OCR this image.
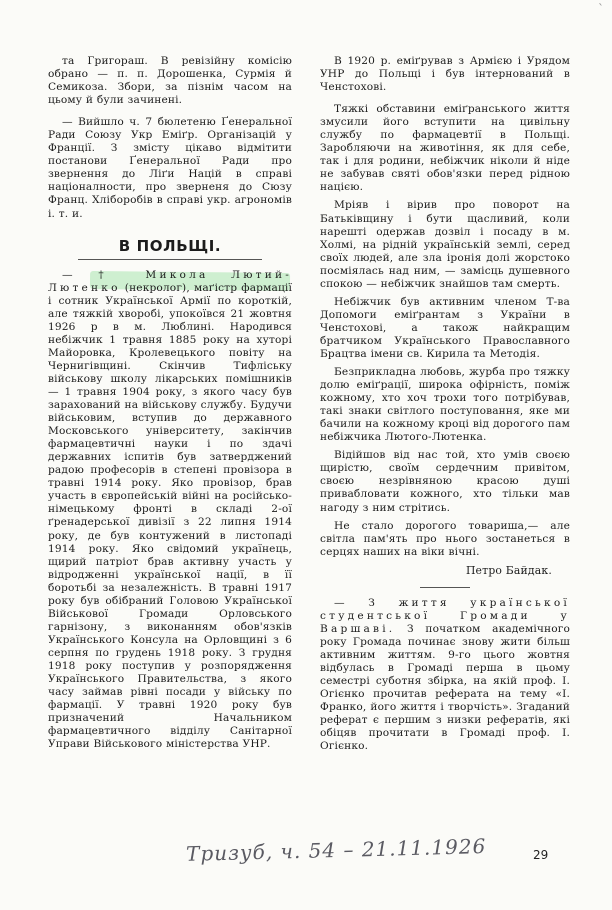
`

та Григораш. В ревізійну комісію обрано — п. п. Дорошенка, Сурмія й Семикоза. Збори, за пізнім часом на цьому й були зачинені.

— Вийшло ч. 7 бюлетеню Ґенеральної Ради Союзу Укр Еміґр. Організацій у Франції. З змісту цікаво відмітити постанови Ґенеральної Ради про звернення до Ліґи Націй в справі націоналности, про зверненя до Сюзу Франц. Хліборобів в справі укр. агрономів і. т. и.

В ПОЛЬЩІ.

— † Микола Лютий-Лютенко (некролог), маґістр фармації і сотник Української Армії по короткій, але тяжкій хворобі, упокоївся 21 жовтня 1926 р в м. Люблині. Народився небіжчик 1 травня 1885 року на хуторі Майоровка, Кролевецького повіту на Чернигівщині. Скінчив Тифліську військову школу лікарських помішників — 1 травня 1904 року, з якого часу був зарахований на військову службу. Будучи військовим, вступив до державного Московського університету, закінчив фармацевтичні науки і по здачі державних іспитів був затверджений радою професорів в степені провізора в травні 1914 року. Яко провізор, брав участь в європейській війні на російсько-німецькому фронті в складі 2-ої ґренадерської дивізії з 22 липня 1914 року, де був контужений в листопаді 1914 року. Яко свідомий українець, щирий патріот брав активну участь у відродженні української нації, в її боротьбі за незалежність. В травні 1917 року був обібраний Головою Української Військової Громади Орловського гарнізону, з виконанням обов'язків Українського Консула на Орловщині з 6 серпня по грудень 1918 року. З грудня 1918 року поступив у розпорядження Українського Правительства, з якого часу займав рівні посади у війську по фармації. У травні 1920 року був призначений Начальником фармацевтичного відділу Санітарної Управи Військового міністерства УНР.

В 1920 р. еміґрував з Армією і Урядом УНР до Польщі і був інтернований в Ченстохові.

Тяжкі обставини еміґранського життя змусили його вступити на цивільну службу по фармацевтії в Польщі. Заробляючи на животіння, як для себе, так і для родини, небіжчик ніколи й ніде не забував святі обов'язки перед рідною нацією.

Мріяв і вірив про поворот на Батьківщину і бути щасливий, коли нарешті одержав дозвіл і посаду в м. Холмі, на рідній українській землі, серед своїх людей, але зла іронія долі жорстоко посміялась над ним, — замісць душевного спокою — небіжчик знайшов там смерть.

Небіжчик був активним членом Т-ва Допомоги еміґрантам з України в Ченстохові, а також найкращим братчиком Українського Православного Брацтва імени св. Кирила та Методія.

Безприкладна любовь, журба про тяжку долю еміґрації, широка офірність, поміж кожному, хто хоч трохи того потрібував, такі знаки світлого поступовання, яке ми бачили на кожному кроці від дорогого пам небіжчика Лютого-Лютенка.

Відійшов від нас той, хто умів своєю щирістю, своїм сердечним привітом, своєю незрівняною красою душі привабловати кожного, хто тільки мав нагоду з ним стрітись.

Не стало дорогого товариша,— але світла пам'ять про нього зостанеться в серцях наших на віки вічні.

Петро Байдак.

— З життя української студентської Громади у Варшаві. З початком академічного року Громада починає знову жити більш активним життям. 9-го цього жовтня відбулась в Громаді перша в цьому семестрі суботня збірка, на якій проф. І. Огієнко прочитав реферата на тему «І. Франко, його життя і творчість». Згаданий реферат є першим з низки рефератів, які обіцяв прочитати в Громаді проф. І. Огієнко.

Тризуб, ч. 54 – 21.11.1926	29
